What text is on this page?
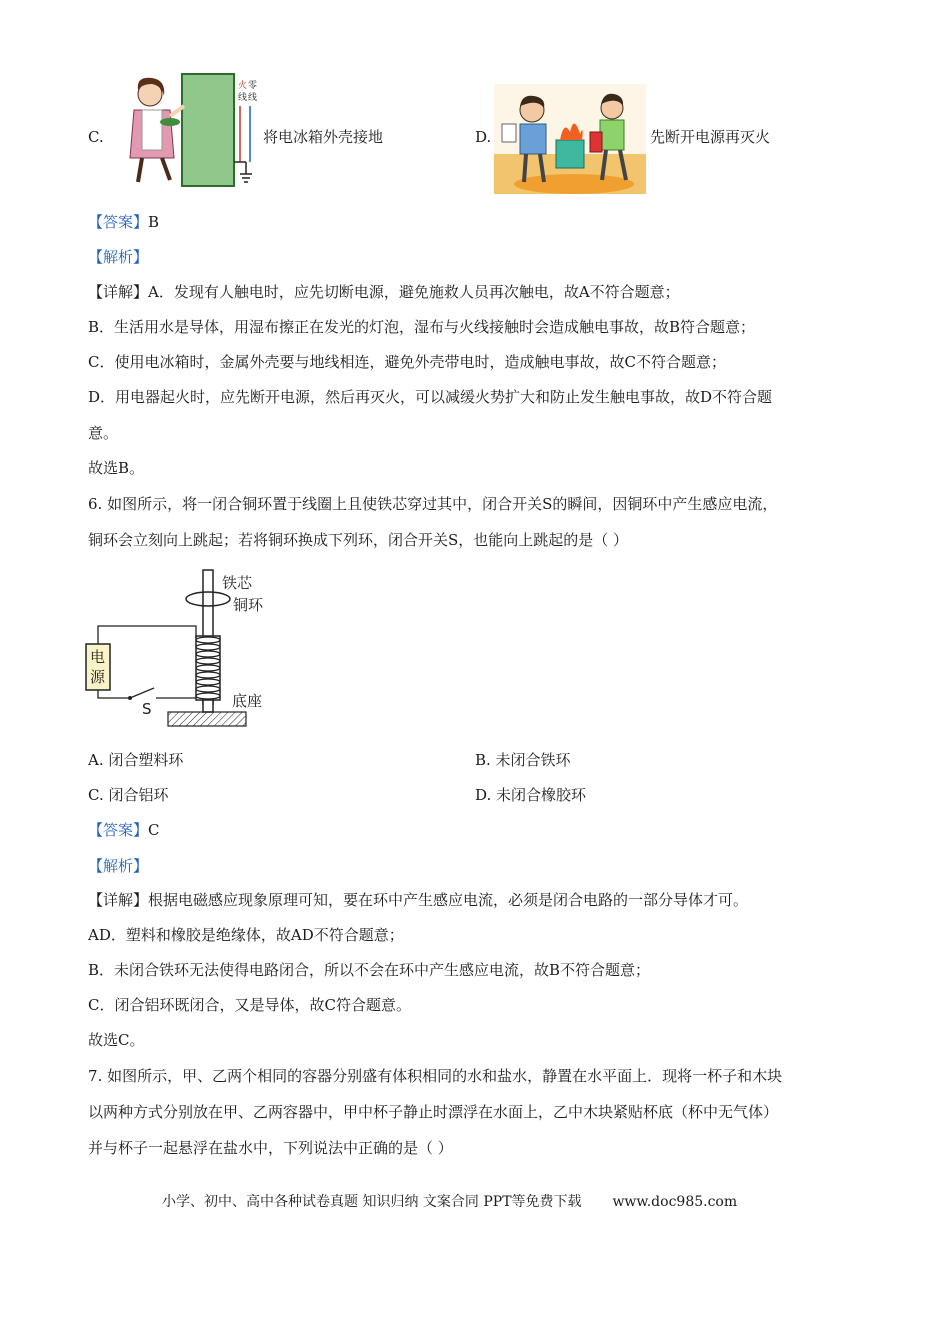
C.
火 零
线 线
将电冰箱外壳接地	D.	先断开电源再灭火
【答案】B
【解析】
【详解】A．发现有人触电时，应先切断电源，避免施救人员再次触电，故A不符合题意；
B．生活用水是导体，用湿布擦正在发光的灯泡，湿布与火线接触时会造成触电事故，故B符合题意；
C．使用电冰箱时，金属外壳要与地线相连，避免外壳带电时，造成触电事故，故C不符合题意；
D．用电器起火时，应先断开电源，然后再灭火，可以减缓火势扩大和防止发生触电事故，故D不符合题
意。
故选B。
6. 如图所示，将一闭合铜环置于线圈上且使铁芯穿过其中，闭合开关S的瞬间，因铜环中产生感应电流，
铜环会立刻向上跳起；若将铜环换成下列环，闭合开关S，也能向上跳起的是（ ）
铁芯
铜环
底座
电
源
S
A. 闭合塑料环	B. 未闭合铁环
C. 闭合铝环	D. 未闭合橡胶环
【答案】C
【解析】
【详解】根据电磁感应现象原理可知，要在环中产生感应电流，必须是闭合电路的一部分导体才可。
AD．塑料和橡胶是绝缘体，故AD不符合题意；
B．未闭合铁环无法使得电路闭合，所以不会在环中产生感应电流，故B不符合题意；
C．闭合铝环既闭合，又是导体，故C符合题意。
故选C。
7. 如图所示，甲、乙两个相同的容器分别盛有体积相同的水和盐水，静置在水平面上．现将一杯子和木块
以两种方式分别放在甲、乙两容器中，甲中杯子静止时漂浮在水面上，乙中木块紧贴杯底（杯中无气体）
并与杯子一起悬浮在盐水中，下列说法中正确的是（ ）
小学、初中、高中各种试卷真题 知识归纳 文案合同 PPT等免费下载 www.doc985.com
